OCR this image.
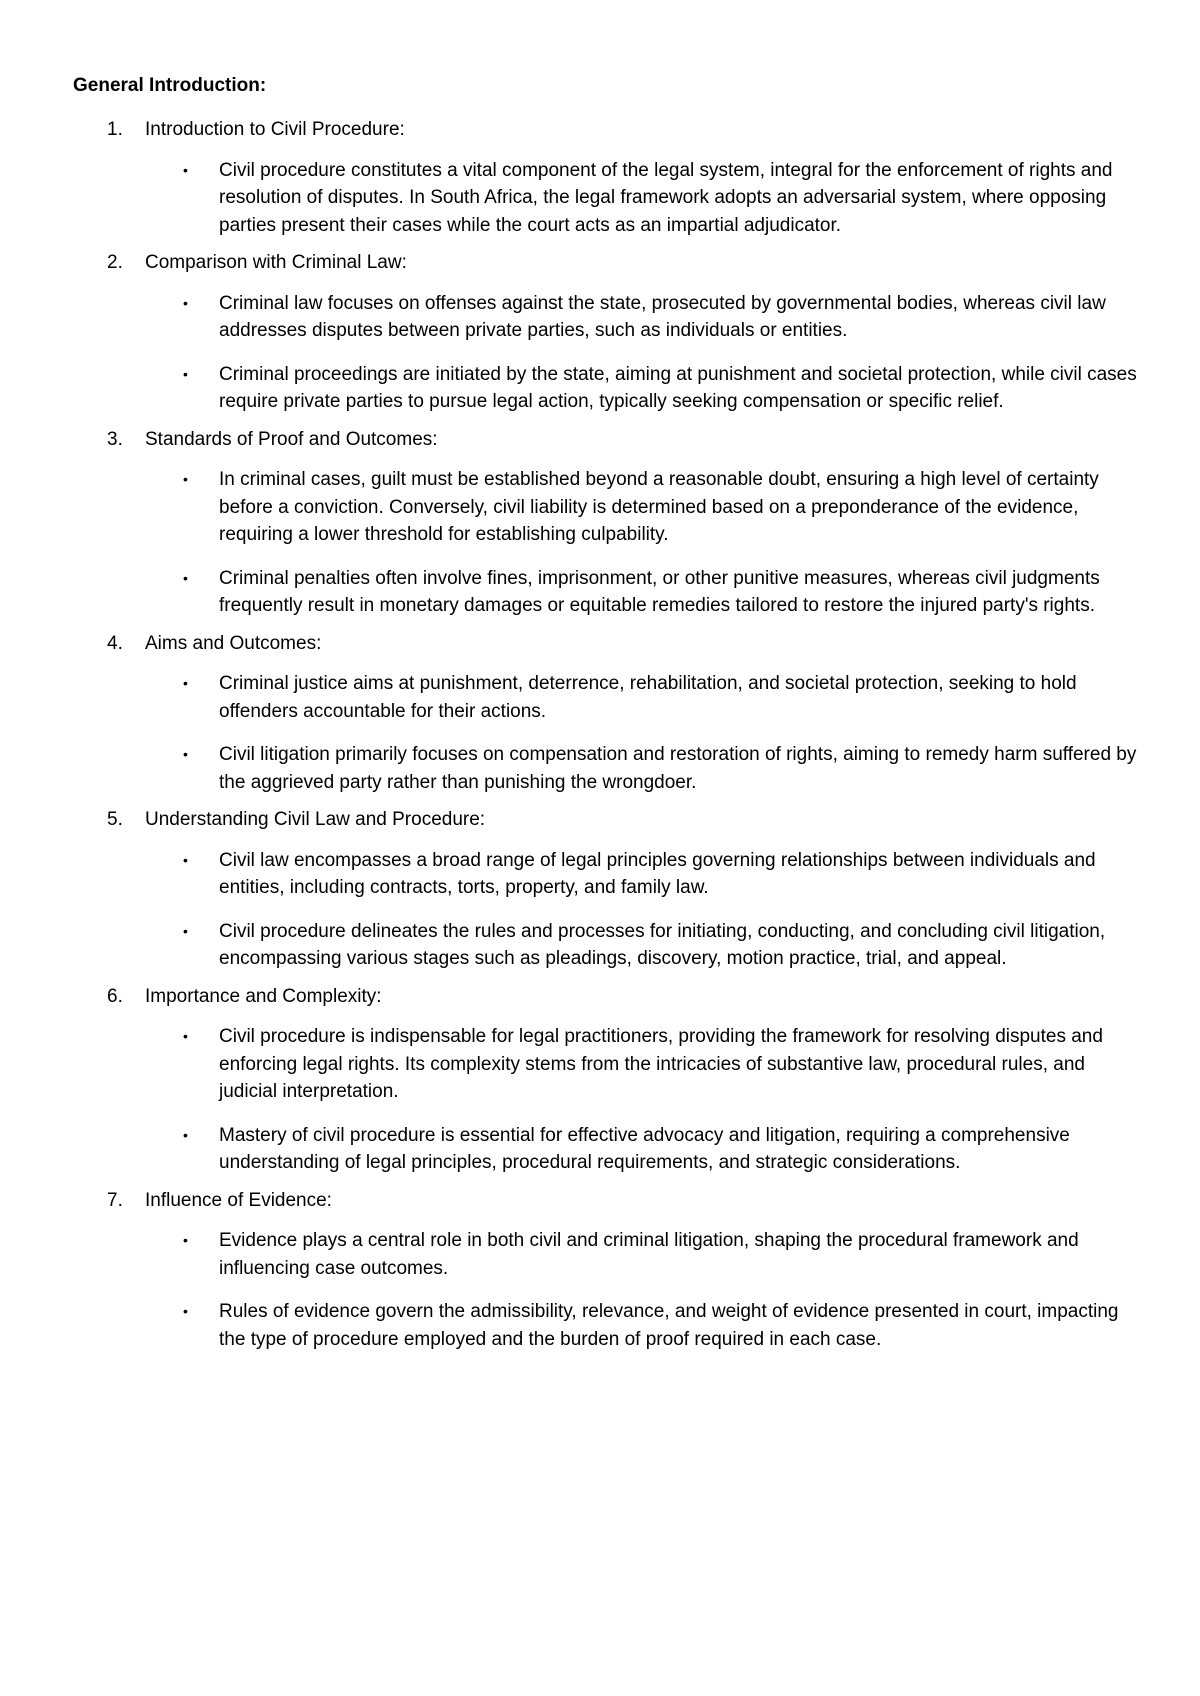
General Introduction:
1.	Introduction to Civil Procedure:
•	Civil procedure constitutes a vital component of the legal system, integral for the enforcement of rights and resolution of disputes. In South Africa, the legal framework adopts an adversarial system, where opposing parties present their cases while the court acts as an impartial adjudicator.
2.	Comparison with Criminal Law:
•	Criminal law focuses on offenses against the state, prosecuted by governmental bodies, whereas civil law addresses disputes between private parties, such as individuals or entities.
•	Criminal proceedings are initiated by the state, aiming at punishment and societal protection, while civil cases require private parties to pursue legal action, typically seeking compensation or specific relief.
3.	Standards of Proof and Outcomes:
•	In criminal cases, guilt must be established beyond a reasonable doubt, ensuring a high level of certainty before a conviction. Conversely, civil liability is determined based on a preponderance of the evidence, requiring a lower threshold for establishing culpability.
•	Criminal penalties often involve fines, imprisonment, or other punitive measures, whereas civil judgments frequently result in monetary damages or equitable remedies tailored to restore the injured party's rights.
4.	Aims and Outcomes:
•	Criminal justice aims at punishment, deterrence, rehabilitation, and societal protection, seeking to hold offenders accountable for their actions.
•	Civil litigation primarily focuses on compensation and restoration of rights, aiming to remedy harm suffered by the aggrieved party rather than punishing the wrongdoer.
5.	Understanding Civil Law and Procedure:
•	Civil law encompasses a broad range of legal principles governing relationships between individuals and entities, including contracts, torts, property, and family law.
•	Civil procedure delineates the rules and processes for initiating, conducting, and concluding civil litigation, encompassing various stages such as pleadings, discovery, motion practice, trial, and appeal.
6.	Importance and Complexity:
•	Civil procedure is indispensable for legal practitioners, providing the framework for resolving disputes and enforcing legal rights. Its complexity stems from the intricacies of substantive law, procedural rules, and judicial interpretation.
•	Mastery of civil procedure is essential for effective advocacy and litigation, requiring a comprehensive understanding of legal principles, procedural requirements, and strategic considerations.
7.	Influence of Evidence:
•	Evidence plays a central role in both civil and criminal litigation, shaping the procedural framework and influencing case outcomes.
•	Rules of evidence govern the admissibility, relevance, and weight of evidence presented in court, impacting the type of procedure employed and the burden of proof required in each case.
